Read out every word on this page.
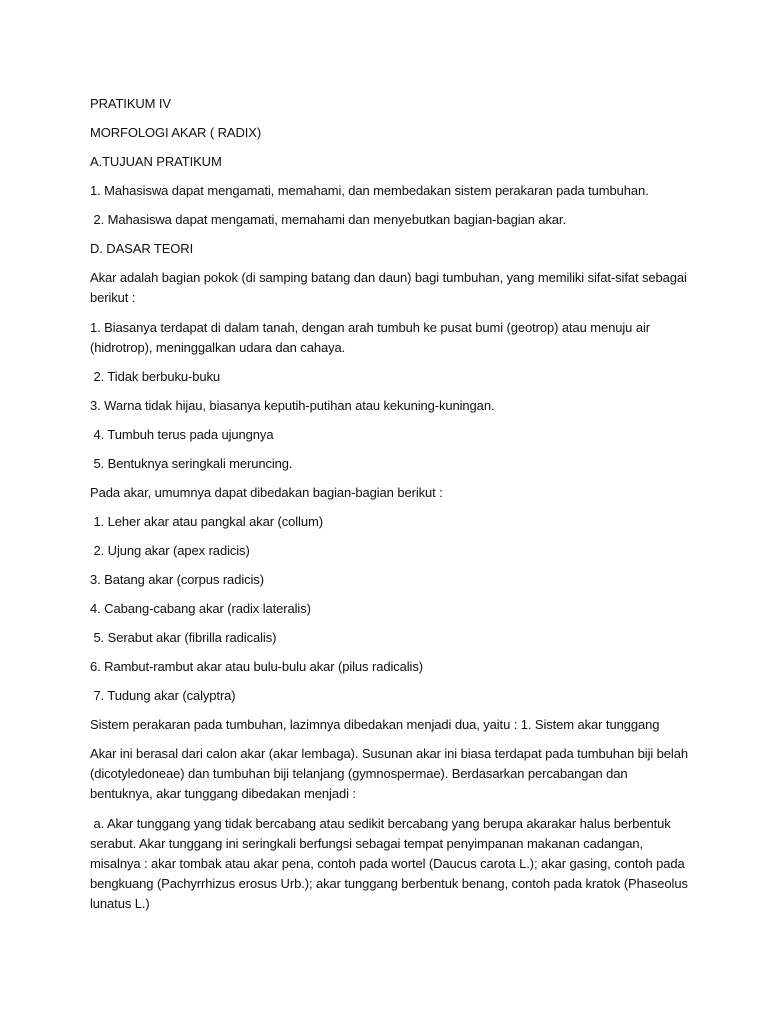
PRATIKUM IV

MORFOLOGI AKAR ( RADIX)

A.TUJUAN PRATIKUM

1. Mahasiswa dapat mengamati, memahami, dan membedakan sistem perakaran pada tumbuhan.

2. Mahasiswa dapat mengamati, memahami dan menyebutkan bagian-bagian akar.

D. DASAR TEORI

Akar adalah bagian pokok (di samping batang dan daun) bagi tumbuhan, yang memiliki sifat-sifat sebagai berikut :

1. Biasanya terdapat di dalam tanah, dengan arah tumbuh ke pusat bumi (geotrop) atau menuju air (hidrotrop), meninggalkan udara dan cahaya.

2. Tidak berbuku-buku

3. Warna tidak hijau, biasanya keputih-putihan atau kekuning-kuningan.

4. Tumbuh terus pada ujungnya

5. Bentuknya seringkali meruncing.

Pada akar, umumnya dapat dibedakan bagian-bagian berikut :

1. Leher akar atau pangkal akar (collum)

2. Ujung akar (apex radicis)

3. Batang akar (corpus radicis)

4. Cabang-cabang akar (radix lateralis)

5. Serabut akar (fibrilla radicalis)

6. Rambut-rambut akar atau bulu-bulu akar (pilus radicalis)

7. Tudung akar (calyptra)

Sistem perakaran pada tumbuhan, lazimnya dibedakan menjadi dua, yaitu : 1. Sistem akar tunggang

Akar ini berasal dari calon akar (akar lembaga). Susunan akar ini biasa terdapat pada tumbuhan biji belah (dicotyledoneae) dan tumbuhan biji telanjang (gymnospermae). Berdasarkan percabangan dan bentuknya, akar tunggang dibedakan menjadi :

a. Akar tunggang yang tidak bercabang atau sedikit bercabang yang berupa akarakar halus berbentuk serabut. Akar tunggang ini seringkali berfungsi sebagai tempat penyimpanan makanan cadangan, misalnya : akar tombak atau akar pena, contoh pada wortel (Daucus carota L.); akar gasing, contoh pada bengkuang (Pachyrrhizus erosus Urb.); akar tunggang berbentuk benang, contoh pada kratok (Phaseolus lunatus L.)
